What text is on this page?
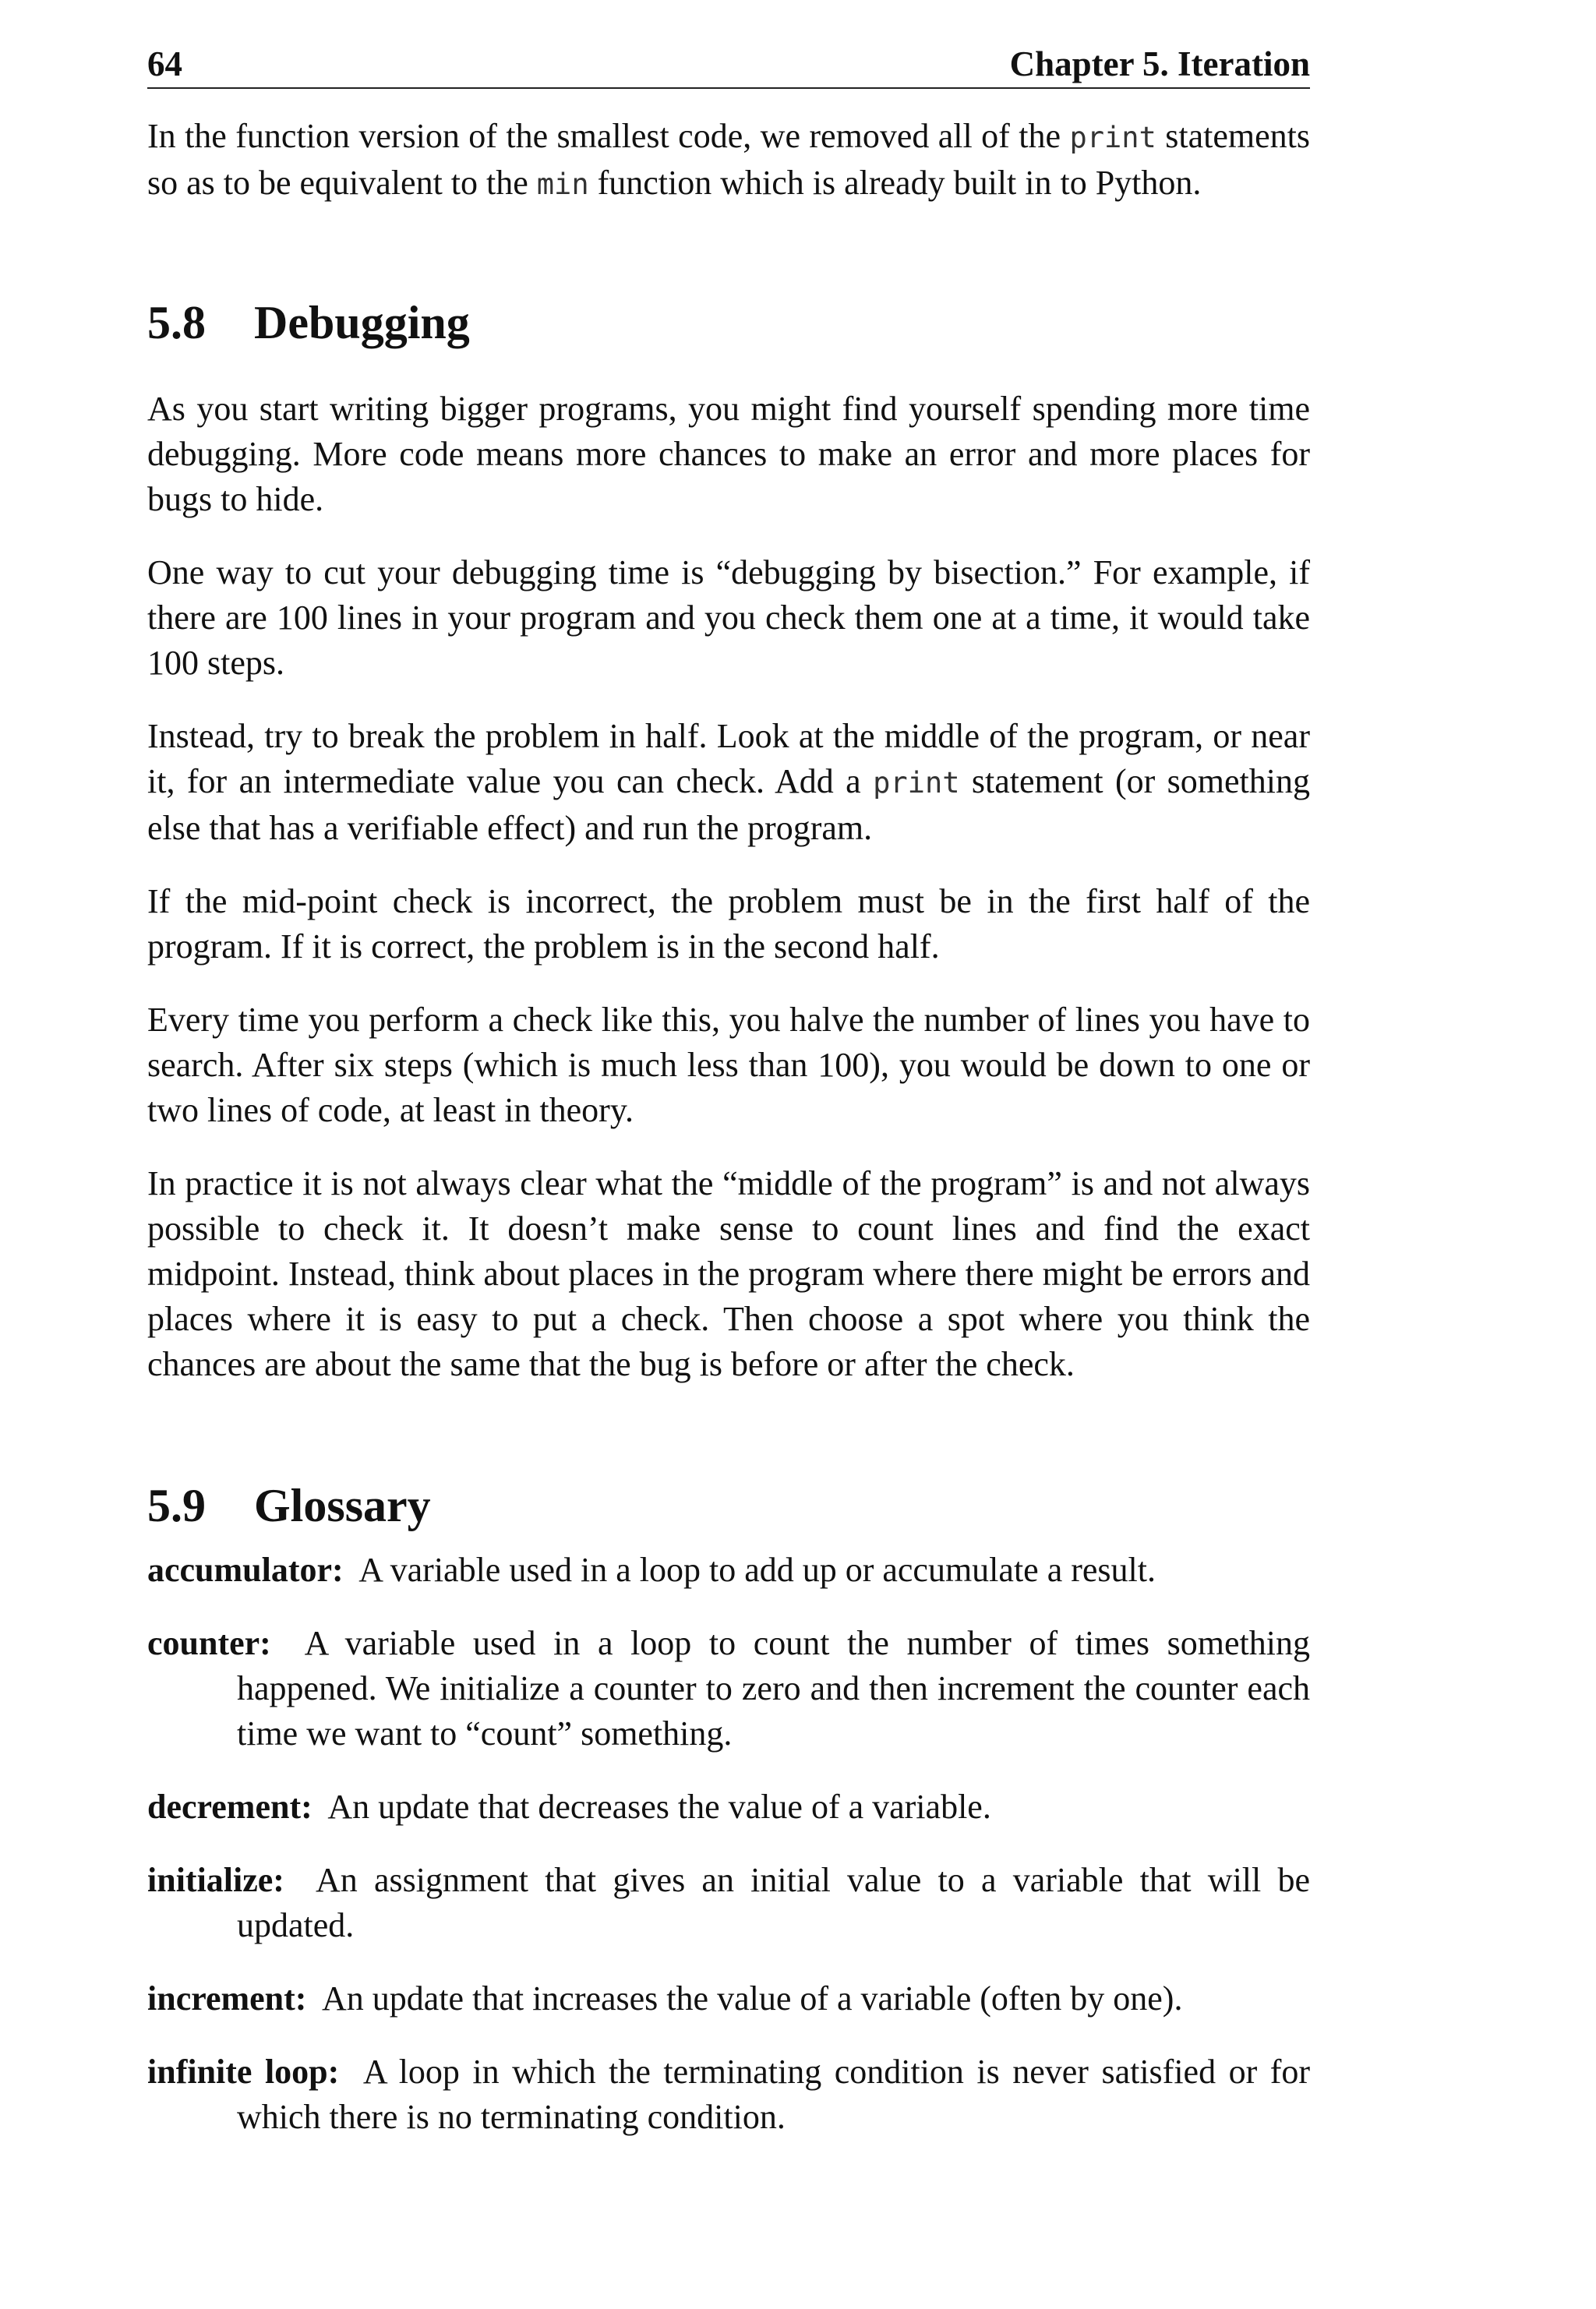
64	Chapter 5. Iteration

In the function version of the smallest code, we removed all of the print statements so as to be equivalent to the min function which is already built in to Python.

5.8 Debugging

As you start writing bigger programs, you might find yourself spending more time debugging. More code means more chances to make an error and more places for bugs to hide.

One way to cut your debugging time is “debugging by bisection.” For example, if there are 100 lines in your program and you check them one at a time, it would take 100 steps.

Instead, try to break the problem in half. Look at the middle of the program, or near it, for an intermediate value you can check. Add a print statement (or something else that has a verifiable effect) and run the program.

If the mid-point check is incorrect, the problem must be in the first half of the program. If it is correct, the problem is in the second half.

Every time you perform a check like this, you halve the number of lines you have to search. After six steps (which is much less than 100), you would be down to one or two lines of code, at least in theory.

In practice it is not always clear what the “middle of the program” is and not always possible to check it. It doesn’t make sense to count lines and find the exact midpoint. Instead, think about places in the program where there might be errors and places where it is easy to put a check. Then choose a spot where you think the chances are about the same that the bug is before or after the check.

5.9 Glossary
accumulator: A variable used in a loop to add up or accumulate a result.
counter: A variable used in a loop to count the number of times something happened. We initialize a counter to zero and then increment the counter each time we want to “count” something.
decrement: An update that decreases the value of a variable.
initialize: An assignment that gives an initial value to a variable that will be updated.
increment: An update that increases the value of a variable (often by one).
infinite loop: A loop in which the terminating condition is never satisfied or for which there is no terminating condition.
